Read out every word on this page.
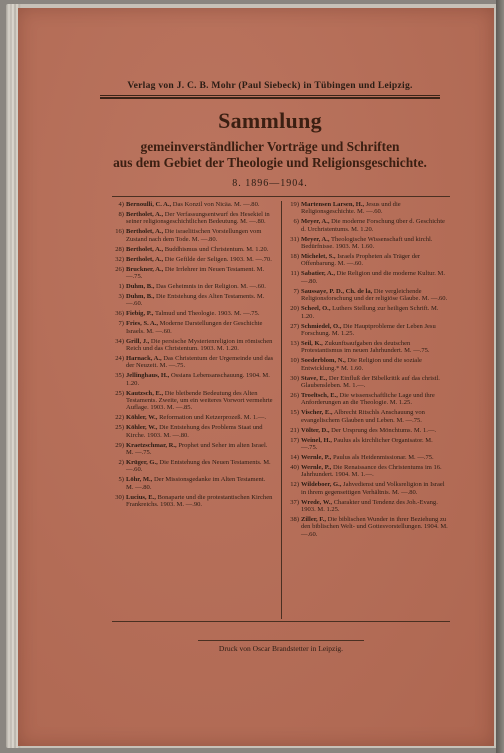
Verlag von J. C. B. Mohr (Paul Siebeck) in Tübingen und Leipzig.
Sammlung
gemeinverständlicher Vorträge und Schriften
aus dem Gebiet der Theologie und Religionsgeschichte.
8. 1896—1904.
4) Bernoulli, C. A., Das Konzil von Nicäa. M. —.80.
8) Bertholet, A., Der Verfassungsentwurf des Hesekiel in seiner religionsgeschichtlichen Bedeutung. M. —.80.
16) Bertholet, A., Die israelitischen Vorstellungen vom Zustand nach dem Tode. M. —.80.
28) Bertholet, A., Buddhismus und Christentum. M. 1.20.
32) Bertholet, A., Die Gefilde der Seligen. 1903. M. —.70.
26) Bruckner, A., Die Irrlehrer im Neuen Testament. M. —.75.
1) Duhm, B., Das Geheimnis in der Religion. M. —.60.
3) Duhm, B., Die Entstehung des Alten Testaments. M. —.60.
36) Fiebig, P., Talmud und Theologie. 1903. M. —.75.
7) Fries, S. A., Moderne Darstellungen der Geschichte Israels. M. —.60.
34) Grill, J., Die persische Mysterienreligion im römischen Reich und das Christentum. 1903. M. 1.20.
24) Harnack, A., Das Christentum der Urgemeinde und das der Neuzeit. M. —.75.
35) Jellinghaus, H., Ossians Lebensanschauung. 1904. M. 1.20.
25) Kautzsch, E., Die bleibende Bedeutung des Alten Testaments. Zweite, um ein weiteres Vorwort vermehrte Auflage. 1903. M. —.85.
22) Köhler, W., Reformation und Ketzerprozeß. M. 1.—.
25) Köhler, W., Die Entstehung des Problems Staat und Kirche. 1903. M. —.80.
29) Kraetzschmar, R., Prophet und Seher im alten Israel. M. —.75.
2) Krüger, G., Die Entstehung des Neuen Testaments. M. —.60.
5) Löhr, M., Der Missionsgedanke im Alten Testament. M. —.80.
30) Lucius, E., Bonaparte und die protestantischen Kirchen Frankreichs. 1903. M. —.90.
19) Martensen Larsen, H., Jesus und die Religionsgeschichte. M. —.60.
6) Meyer, A., Die moderne Forschung über d. Geschichte d. Urchristentums. M. 1.20.
31) Meyer, A., Theologische Wissenschaft und kirchl. Bedürfnisse. 1903. M. 1.60.
18) Michelet, S., Israels Propheten als Träger der Offenbarung. M. —.60.
11) Sabatier, A., Die Religion und die moderne Kultur. M. —.80.
7) Saussaye, P. D., Ch. de la, Die vergleichende Religionsforschung und der religiöse Glaube. M. —.60.
20) Scheel, O., Luthers Stellung zur heiligen Schrift. M. 1.20.
27) Schmiedel, O., Die Hauptprobleme der Leben Jesu Forschung. M. 1.25.
13) Seil, K., Zukunftsaufgaben des deutschen Protestantismus im neuen Jahrhundert. M. —.75.
10) Soederblom, N., Die Religion und die soziale Entwicklung.* M. 1.60.
30) Stave, E., Der Einfluß der Bibelkritik auf das christl. Glaubensleben. M. 1.—.
26) Troeltsch, E., Die wissenschaftliche Lage und ihre Anforderungen an die Theologie. M. 1.25.
15) Vischer, E., Albrecht Ritschls Anschauung von evangelischem Glauben und Leben. M. —.75.
21) Völter, D., Der Ursprung des Mönchtums. M. 1.—.
17) Weinel, H., Paulus als kirchlicher Organisator. M. —.75.
14) Wernle, P., Paulus als Heidenmissionar. M. —.75.
40) Wernle, P., Die Renaissance des Christentums im 16. Jahrhundert. 1904. M. 1.—.
12) Wildeboer, G., Jahvedienst und Volksreligion in Israel in ihrem gegenseitigen Verhältnis. M. —.80.
37) Wrede, W., Charakter und Tendenz des Joh.-Evang. 1903. M. 1.25.
38) Ziller, F., Die biblischen Wunder in ihrer Beziehung zu den biblischen Welt- und Gottesvorstellungen. 1904. M. —.60.
Druck von Oscar Brandstetter in Leipzig.
